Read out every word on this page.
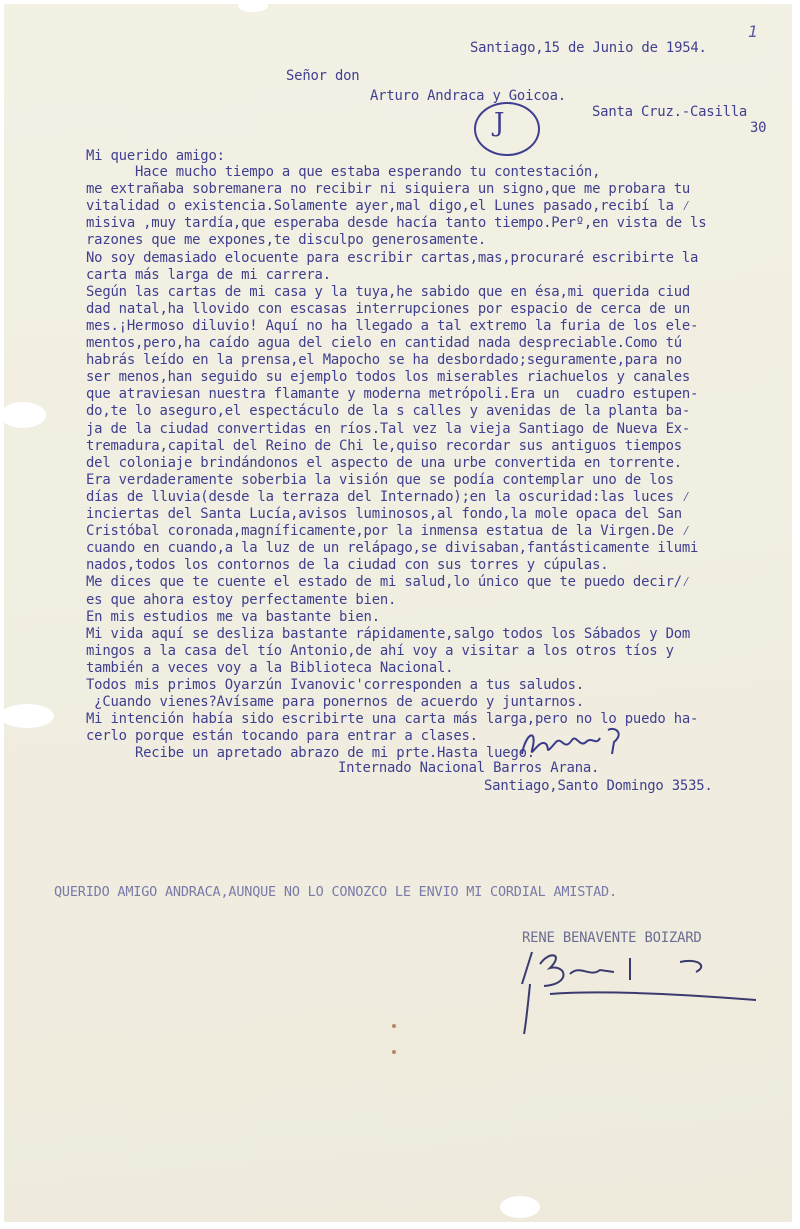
1
Santiago,15 de Junio de 1954.
Señor don
Arturo Andraca y Goicoa.
Santa Cruz.-Casilla
30
J
Mi querido amigo:
Hace mucho tiempo a que estaba esperando tu contestación,
me extrañaba sobremanera no recibir ni siquiera un signo,que me probara tu
vitalidad o existencia.Solamente ayer,mal digo,el Lunes pasado,recibí la ⁄
misiva ,muy tardía,que esperaba desde hacía tanto tiempo.Perº,en vista de ls
razones que me expones,te disculpo generosamente.
No soy demasiado elocuente para escribir cartas,mas,procuraré escribirte la
carta más larga de mi carrera.
Según las cartas de mi casa y la tuya,he sabido que en ésa,mi querida ciud
dad natal,ha llovido con escasas interrupciones por espacio de cerca de un
mes.¡Hermoso diluvio! Aquí no ha llegado a tal extremo la furia de los ele-
mentos,pero,ha caído agua del cielo en cantidad nada despreciable.Como tú
habrás leído en la prensa,el Mapocho se ha desbordado;seguramente,para no
ser menos,han seguido su ejemplo todos los miserables riachuelos y canales
que atraviesan nuestra flamante y moderna metrópoli.Era un  cuadro estupen-
do,te lo aseguro,el espectáculo de la s calles y avenidas de la planta ba-
ja de la ciudad convertidas en ríos.Tal vez la vieja Santiago de Nueva Ex-
tremadura,capital del Reino de Chi le,quiso recordar sus antiguos tiempos
del coloniaje brindándonos el aspecto de una urbe convertida en torrente.
Era verdaderamente soberbia la visión que se podía contemplar uno de los
días de lluvia(desde la terraza del Internado);en la oscuridad:las luces ⁄
inciertas del Santa Lucía,avisos luminosos,al fondo,la mole opaca del San
Cristóbal coronada,magníficamente,por la inmensa estatua de la Virgen.De ⁄
cuando en cuando,a la luz de un relápago,se divisaban,fantásticamente ilumi
nados,todos los contornos de la ciudad con sus torres y cúpulas.
Me dices que te cuente el estado de mi salud,lo único que te puedo decir/⁄
es que ahora estoy perfectamente bien.
En mis estudios me va bastante bien.
Mi vida aquí se desliza bastante rápidamente,salgo todos los Sábados y Dom
mingos a la casa del tío Antonio,de ahí voy a visitar a los otros tíos y
también a veces voy a la Biblioteca Nacional.
Todos mis primos Oyarzún Ivanovic'corresponden a tus saludos.
¿Cuando vienes?Avísame para ponernos de acuerdo y juntarnos.
Mi intención había sido escribirte una carta más larga,pero no lo puedo ha-
cerlo porque están tocando para entrar a clases.
Recibe un apretado abrazo de mi prte.Hasta luego.
Internado Nacional Barros Arana.
Santiago,Santo Domingo 3535.
QUERIDO AMIGO ANDRACA,AUNQUE NO LO CONOZCO LE ENVIO MI CORDIAL AMISTAD.
RENE BENAVENTE BOIZARD
